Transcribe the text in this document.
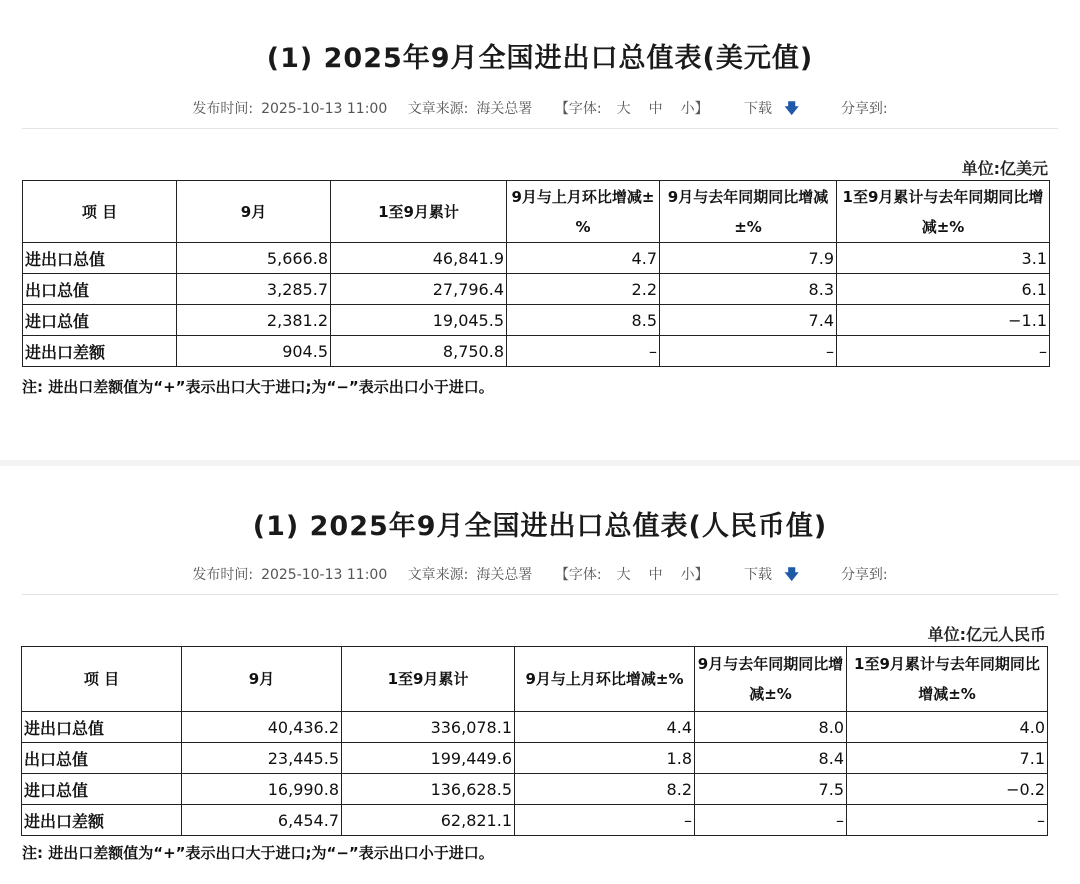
(1) 2025年9月全国进出口总值表(美元值)
发布时间: 2025-10-13 11:00 文章来源: 海关总署 【字体: 大 中 小】	下载 🡇	分享到:
单位:亿美元
项 目	9月	1至9月累计	9月与上月环比增减±%	9月与去年同期同比增减±%	1至9月累计与去年同期同比增减±%
进出口总值	5,666.8	46,841.9	4.7	7.9	3.1
出口总值	3,285.7	27,796.4	2.2	8.3	6.1
进口总值	2,381.2	19,045.5	8.5	7.4	−1.1
进出口差额	904.5	8,750.8	–	–	–
注: 进出口差额值为“+”表示出口大于进口;为“−”表示出口小于进口。
(1) 2025年9月全国进出口总值表(人民币值)
发布时间: 2025-10-13 11:00 文章来源: 海关总署 【字体: 大 中 小】	下载 🡇	分享到:
单位:亿元人民币
项 目	9月	1至9月累计	9月与上月环比增减±%	9月与去年同期同比增减±%	1至9月累计与去年同期同比增减±%
进出口总值	40,436.2	336,078.1	4.4	8.0	4.0
出口总值	23,445.5	199,449.6	1.8	8.4	7.1
进口总值	16,990.8	136,628.5	8.2	7.5	−0.2
进出口差额	6,454.7	62,821.1	–	–	–
注: 进出口差额值为“+”表示出口大于进口;为“−”表示出口小于进口。
